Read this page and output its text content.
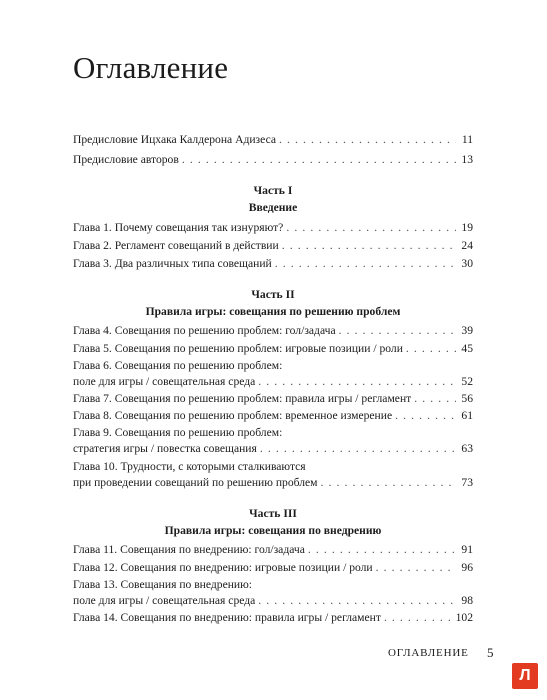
Оглавление
Предисловие Ицхака Калдерона Адизеса . . .	11
Предисловие авторов . . .	13
Часть I
Введение
Глава 1. Почему совещания так изнуряют? . . .	19
Глава 2. Регламент совещаний в действии . . .	24
Глава 3. Два различных типа совещаний . . .	30
Часть II
Правила игры: совещания по решению проблем
Глава 4. Совещания по решению проблем: гол/задача . . .	39
Глава 5. Совещания по решению проблем: игровые позиции / роли . . .	45
Глава 6. Совещания по решению проблем:
поле для игры / совещательная среда . . .	52
Глава 7. Совещания по решению проблем: правила игры / регламент . . .	56
Глава 8. Совещания по решению проблем: временное измерение . . .	61
Глава 9. Совещания по решению проблем:
стратегия игры / повестка совещания . . .	63
Глава 10. Трудности, с которыми сталкиваются
при проведении совещаний по решению проблем . . .	73
Часть III
Правила игры: совещания по внедрению
Глава 11. Совещания по внедрению: гол/задача . . .	91
Глава 12. Совещания по внедрению: игровые позиции / роли . . .	96
Глава 13. Совещания по внедрению:
поле для игры / совещательная среда . . .	98
Глава 14. Совещания по внедрению: правила игры / регламент . . .	102
ОГЛАВЛЕНИЕ 5
Л
